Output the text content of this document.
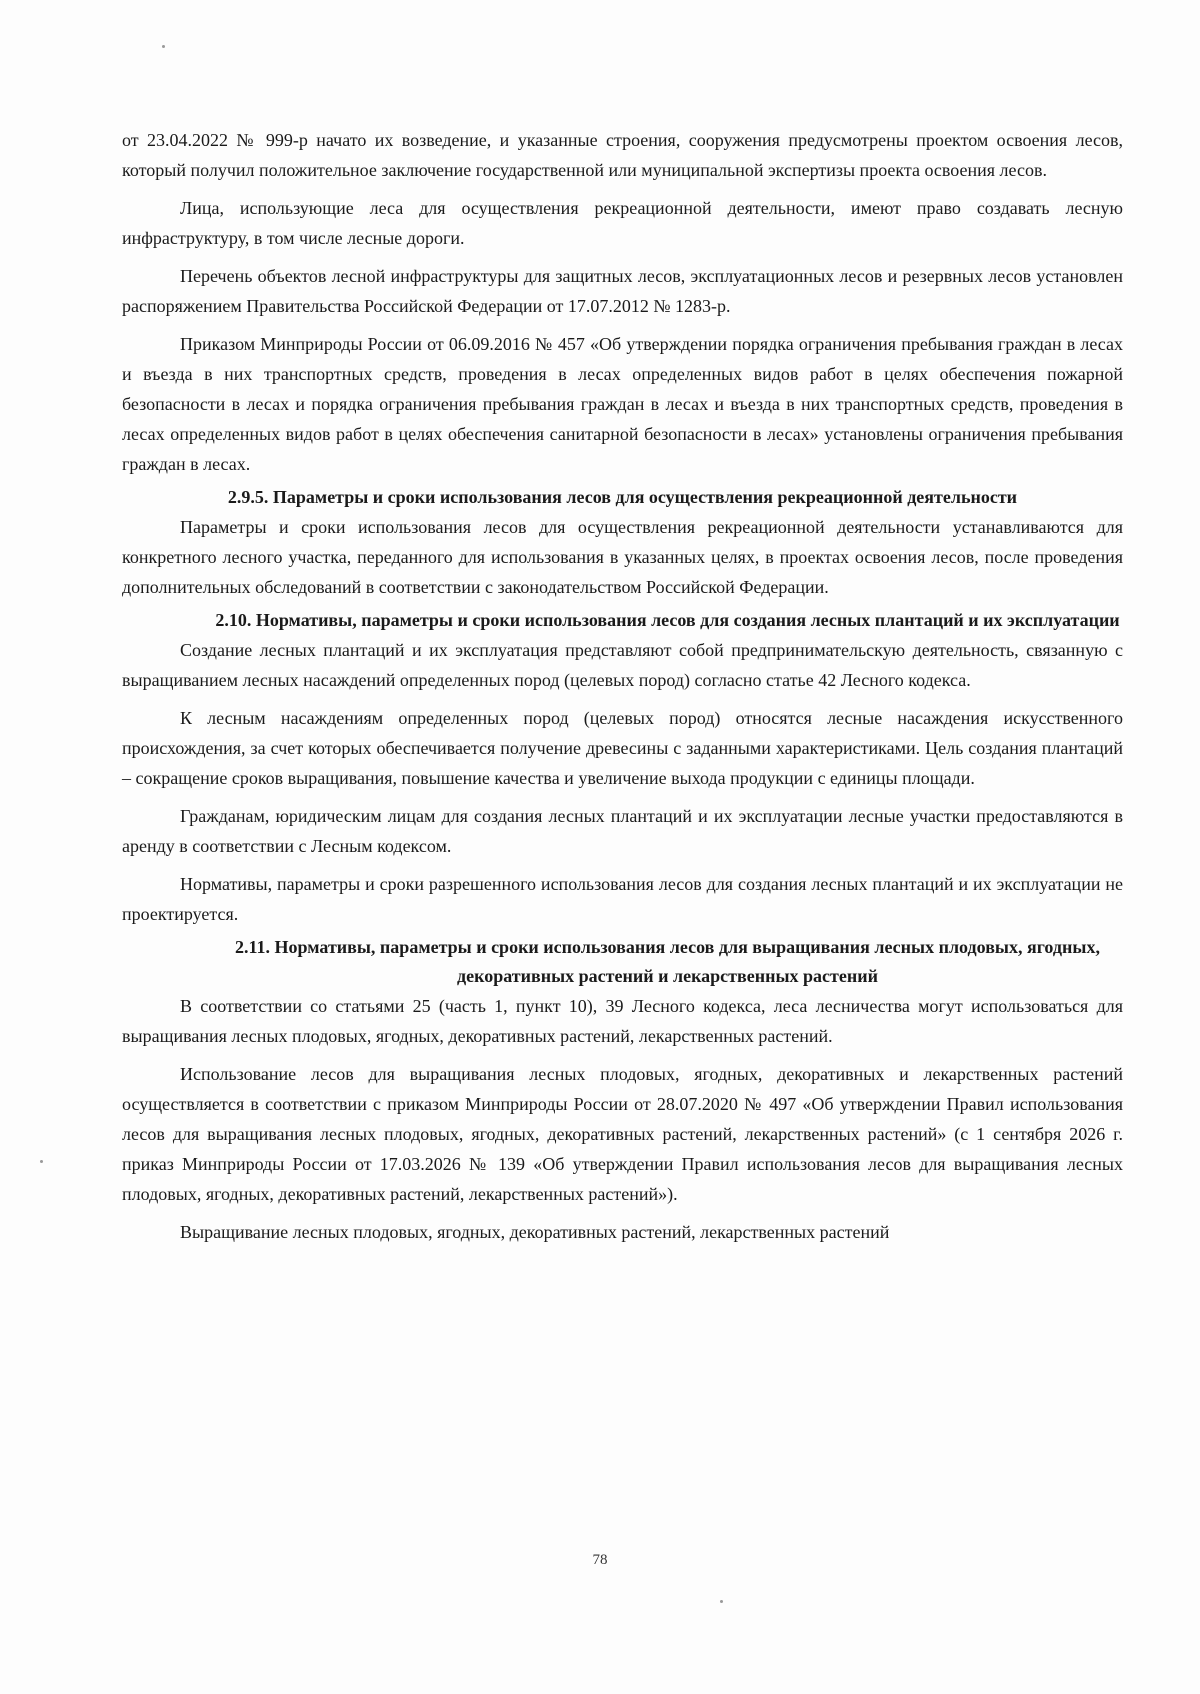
от 23.04.2022 № 999-р начато их возведение, и указанные строения, сооружения предусмотрены проектом освоения лесов, который получил положительное заключение государственной или муниципальной экспертизы проекта освоения лесов.

Лица, использующие леса для осуществления рекреационной деятельности, имеют право создавать лесную инфраструктуру, в том числе лесные дороги.

Перечень объектов лесной инфраструктуры для защитных лесов, эксплуатационных лесов и резервных лесов установлен распоряжением Правительства Российской Федерации от 17.07.2012 № 1283-р.

Приказом Минприроды России от 06.09.2016 № 457 «Об утверждении порядка ограничения пребывания граждан в лесах и въезда в них транспортных средств, проведения в лесах определенных видов работ в целях обеспечения пожарной безопасности в лесах и порядка ограничения пребывания граждан в лесах и въезда в них транспортных средств, проведения в лесах определенных видов работ в целях обеспечения санитарной безопасности в лесах» установлены ограничения пребывания граждан в лесах.

2.9.5. Параметры и сроки использования лесов для осуществления рекреационной деятельности

Параметры и сроки использования лесов для осуществления рекреационной деятельности устанавливаются для конкретного лесного участка, переданного для использования в указанных целях, в проектах освоения лесов, после проведения дополнительных обследований в соответствии с законодательством Российской Федерации.

2.10. Нормативы, параметры и сроки использования лесов для создания лесных плантаций и их эксплуатации

Создание лесных плантаций и их эксплуатация представляют собой предпринимательскую деятельность, связанную с выращиванием лесных насаждений определенных пород (целевых пород) согласно статье 42 Лесного кодекса.

К лесным насаждениям определенных пород (целевых пород) относятся лесные насаждения искусственного происхождения, за счет которых обеспечивается получение древесины с заданными характеристиками. Цель создания плантаций – сокращение сроков выращивания, повышение качества и увеличение выхода продукции с единицы площади.

Гражданам, юридическим лицам для создания лесных плантаций и их эксплуатации лесные участки предоставляются в аренду в соответствии с Лесным кодексом.

Нормативы, параметры и сроки разрешенного использования лесов для создания лесных плантаций и их эксплуатации не проектируется.

2.11. Нормативы, параметры и сроки использования лесов для выращивания лесных плодовых, ягодных, декоративных растений и лекарственных растений

В соответствии со статьями 25 (часть 1, пункт 10), 39 Лесного кодекса, леса лесничества могут использоваться для выращивания лесных плодовых, ягодных, декоративных растений, лекарственных растений.

Использование лесов для выращивания лесных плодовых, ягодных, декоративных и лекарственных растений осуществляется в соответствии с приказом Минприроды России от 28.07.2020 № 497 «Об утверждении Правил использования лесов для выращивания лесных плодовых, ягодных, декоративных растений, лекарственных растений» (с 1 сентября 2026 г. приказ Минприроды России от 17.03.2026 № 139 «Об утверждении Правил использования лесов для выращивания лесных плодовых, ягодных, декоративных растений, лекарственных растений»).

Выращивание лесных плодовых, ягодных, декоративных растений, лекарственных растений

78
